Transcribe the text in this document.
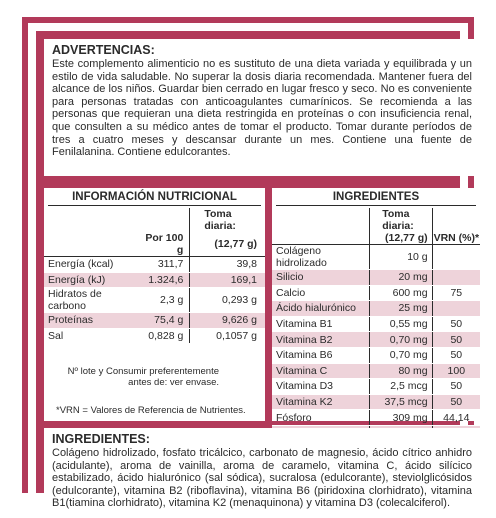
ADVERTENCIAS:
Este complemento alimenticio no es sustituto de una dieta variada y equilibrada y un estilo de vida saludable. No superar la dosis diaria recomendada. Mantener fuera del alcance de los niños. Guardar bien cerrado en lugar fresco y seco. No es conveniente para personas tratadas con anticoagulantes cumarínicos. Se recomienda a las personas que requieran una dieta restringida en proteínas o con insuficiencia renal, que consulten a su médico antes de tomar el producto. Tomar durante períodos de tres a cuatro meses y descansar durante un mes. Contiene una fuente de Fenilalanina. Contiene edulcorantes.
INFORMACIÓN NUTRICIONAL
		Toma diaria:
	Por 100 g	(12,77 g)
Energía (kcal)	311,7	39,8
Energía (kJ)	1.324,6	169,1
Hidratos de carbono	2,3 g	0,293 g
Proteínas	75,4 g	9,626 g
Sal	0,828 g	0,1057 g
Nº lote y Consumir preferentemente
antes de: ver envase.
*VRN = Valores de Referencia de Nutrientes.
INGREDIENTES
	Toma diaria:	
	(12,77 g)	VRN (%)*
Colágeno hidrolizado	10 g	
Silicio	20 mg	
Calcio	600 mg	75
Ácido hialurónico	25 mg	
Vitamina B1	0,55 mg	50
Vitamina B2	0,70 mg	50
Vitamina B6	0,70 mg	50
Vitamina C	80 mg	100
Vitamina D3	2,5 mcg	50
Vitamina K2	37,5 mcg	50
Fósforo	309 mg	44,14

INGREDIENTES:
Colágeno hidrolizado, fosfato tricálcico, carbonato de magnesio, ácido cítrico anhidro (acidulante), aroma de vainilla, aroma de caramelo, vitamina C, ácido silícico estabilizado, ácido hialurónico (sal sódica), sucralosa (edulcorante), steviolglicósidos (edulcorante), vitamina B2 (riboflavina), vitamina B6 (piridoxina clorhidrato), vitamina B1(tiamina clorhidrato), vitamina K2 (menaquinona) y vitamina D3 (colecalciferol).
